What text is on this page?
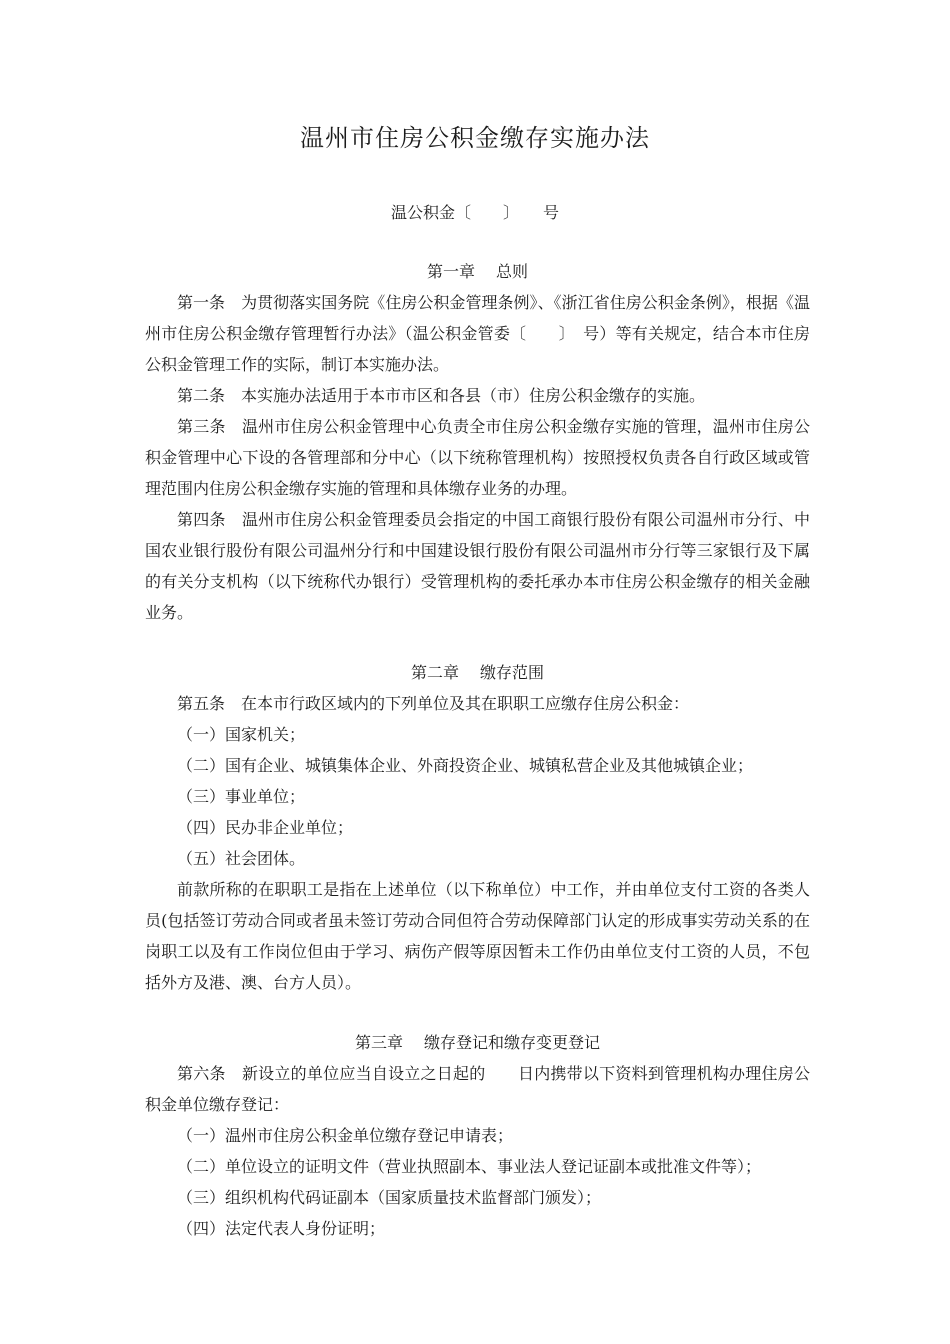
温州市住房公积金缴存实施办法
温公积金〔　　〕　　号

第一章　 总则

第一条　为贯彻落实国务院《住房公积金管理条例》、《浙江省住房公积金条例》，根据《温州市住房公积金缴存管理暂行办法》（温公积金管委〔　　〕　号）等有关规定，结合本市住房公积金管理工作的实际，制订本实施办法。

第二条　本实施办法适用于本市市区和各县（市）住房公积金缴存的实施。

第三条　温州市住房公积金管理中心负责全市住房公积金缴存实施的管理，温州市住房公积金管理中心下设的各管理部和分中心（以下统称管理机构）按照授权负责各自行政区域或管理范围内住房公积金缴存实施的管理和具体缴存业务的办理。

第四条　温州市住房公积金管理委员会指定的中国工商银行股份有限公司温州市分行、中国农业银行股份有限公司温州分行和中国建设银行股份有限公司温州市分行等三家银行及下属的有关分支机构（以下统称代办银行）受管理机构的委托承办本市住房公积金缴存的相关金融业务。

第二章　 缴存范围

第五条　在本市行政区域内的下列单位及其在职职工应缴存住房公积金：

（一）国家机关；

（二）国有企业、城镇集体企业、外商投资企业、城镇私营企业及其他城镇企业；

（三）事业单位；

（四）民办非企业单位；

（五）社会团体。

前款所称的在职职工是指在上述单位（以下称单位）中工作，并由单位支付工资的各类人员(包括签订劳动合同或者虽未签订劳动合同但符合劳动保障部门认定的形成事实劳动关系的在岗职工以及有工作岗位但由于学习、病伤产假等原因暂未工作仍由单位支付工资的人员，不包括外方及港、澳、台方人员）。

第三章　 缴存登记和缴存变更登记

第六条　新设立的单位应当自设立之日起的　　日内携带以下资料到管理机构办理住房公积金单位缴存登记：

（一）温州市住房公积金单位缴存登记申请表；

（二）单位设立的证明文件（营业执照副本、事业法人登记证副本或批准文件等）；

（三）组织机构代码证副本（国家质量技术监督部门颁发）；

（四）法定代表人身份证明；
